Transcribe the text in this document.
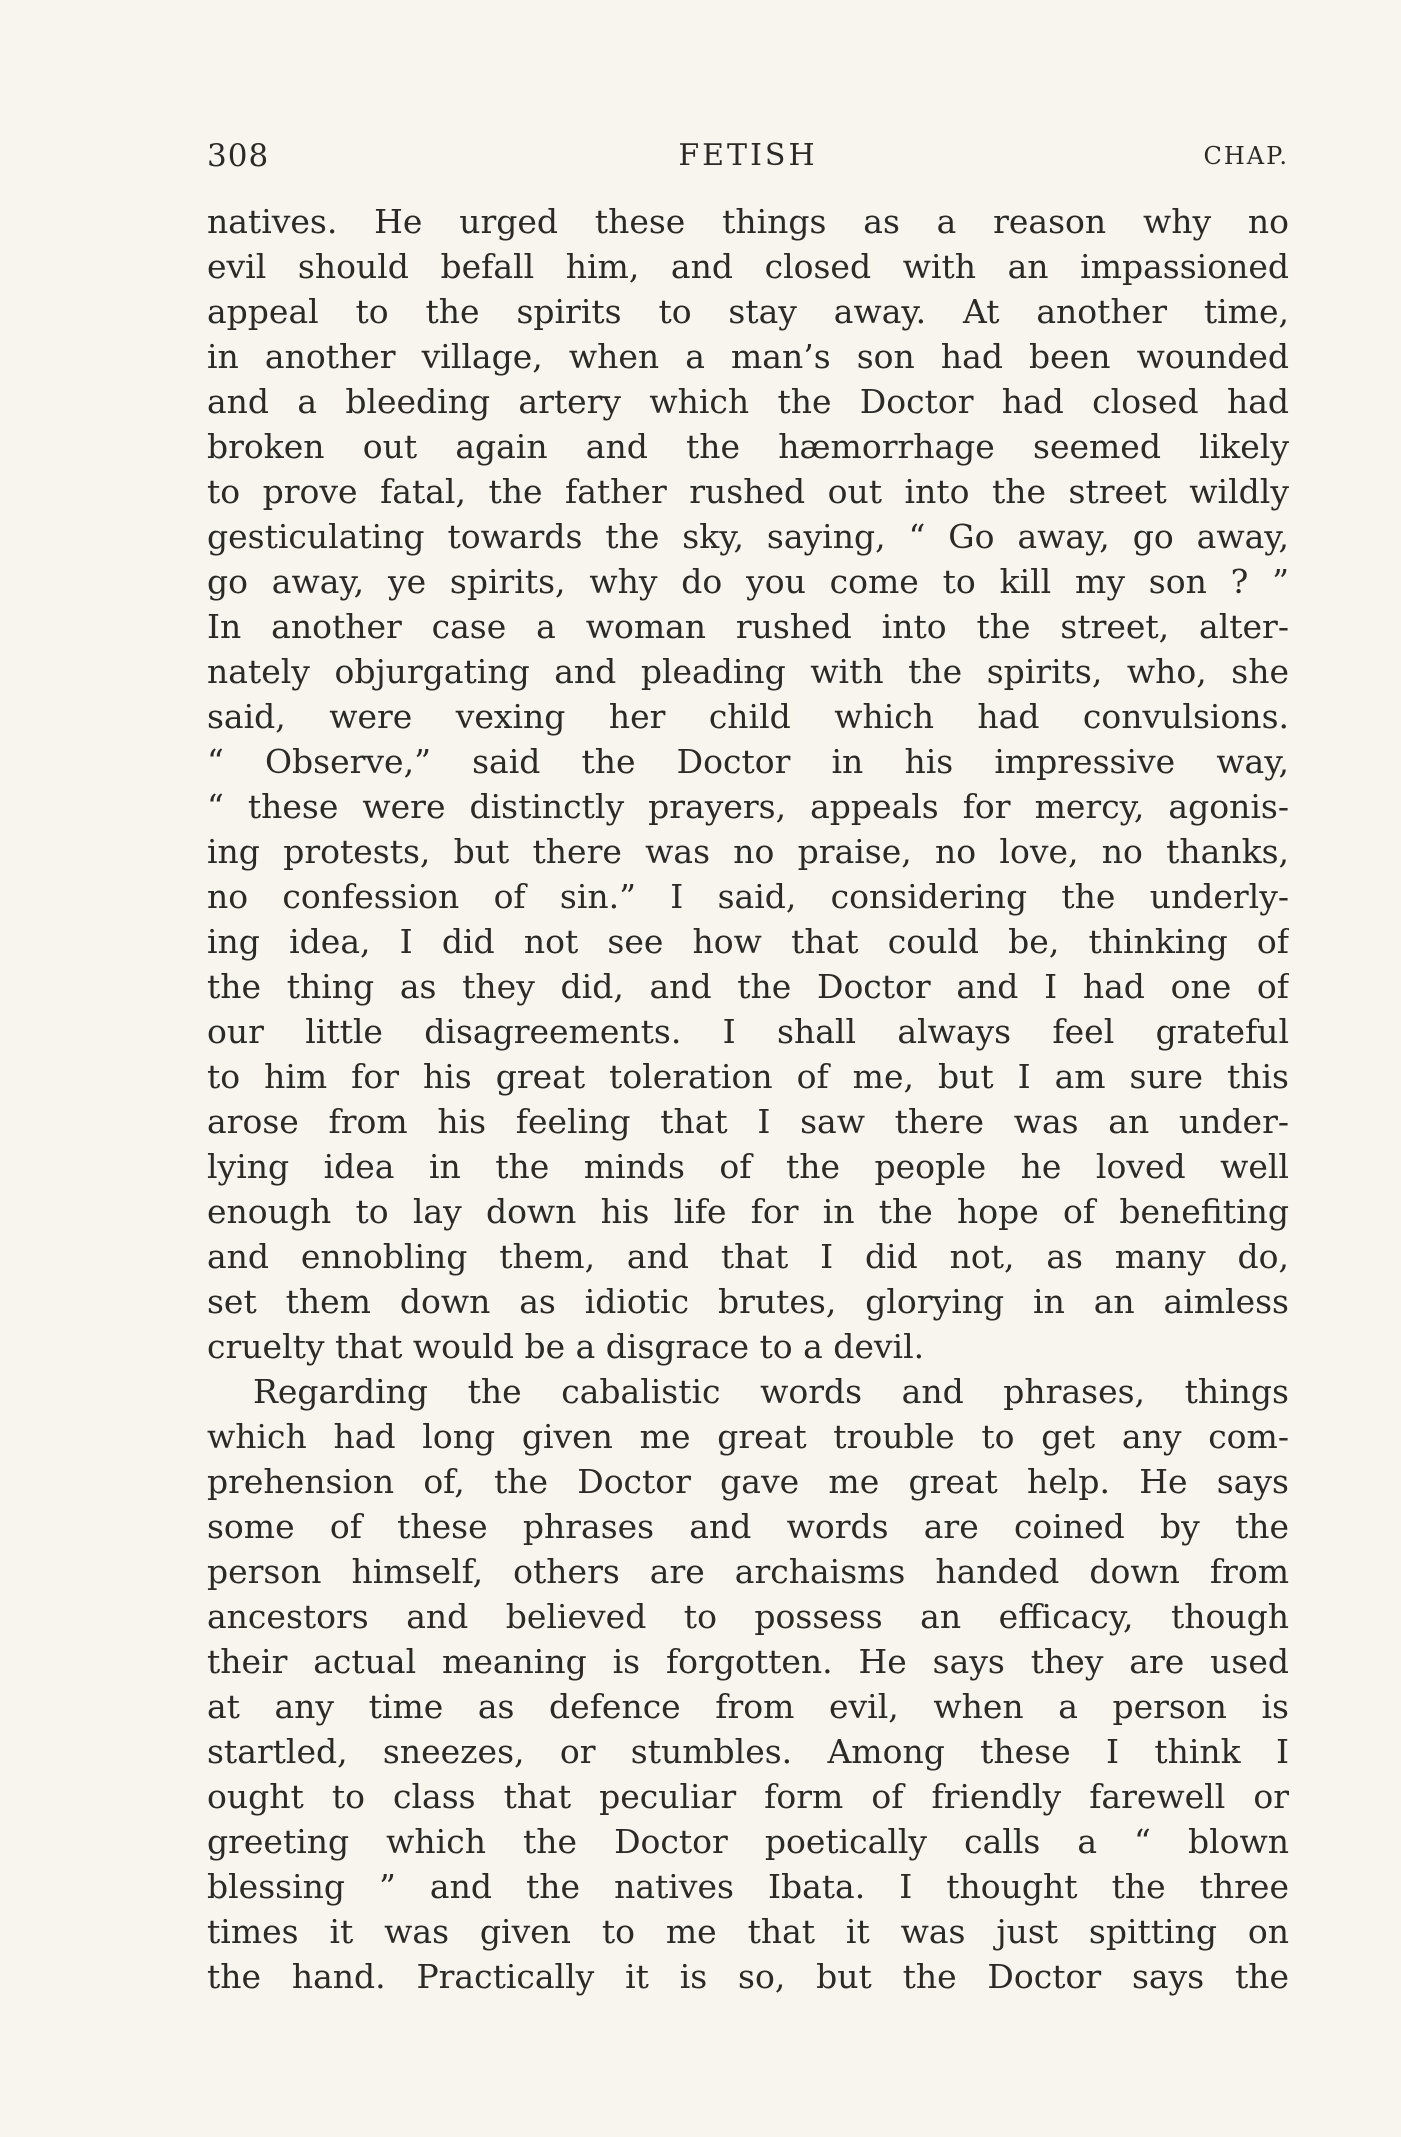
308	FETISH	CHAP.
natives. He urged these things as a reason why no
evil should befall him, and closed with an impassioned
appeal to the spirits to stay away. At another time,
in another village, when a man’s son had been wounded
and a bleeding artery which the Doctor had closed had
broken out again and the hæmorrhage seemed likely
to prove fatal, the father rushed out into the street wildly
gesticulating towards the sky, saying, “ Go away, go away,
go away, ye spirits, why do you come to kill my son ? ”
In another case a woman rushed into the street, alter-
nately objurgating and pleading with the spirits, who, she
said, were vexing her child which had convulsions.
“ Observe,” said the Doctor in his impressive way,
“ these were distinctly prayers, appeals for mercy, agonis-
ing protests, but there was no praise, no love, no thanks,
no confession of sin.” I said, considering the underly-
ing idea, I did not see how that could be, thinking of
the thing as they did, and the Doctor and I had one of
our little disagreements. I shall always feel grateful
to him for his great toleration of me, but I am sure this
arose from his feeling that I saw there was an under-
lying idea in the minds of the people he loved well
enough to lay down his life for in the hope of benefiting
and ennobling them, and that I did not, as many do,
set them down as idiotic brutes, glorying in an aimless
cruelty that would be a disgrace to a devil.
Regarding the cabalistic words and phrases, things
which had long given me great trouble to get any com-
prehension of, the Doctor gave me great help. He says
some of these phrases and words are coined by the
person himself, others are archaisms handed down from
ancestors and believed to possess an efficacy, though
their actual meaning is forgotten. He says they are used
at any time as defence from evil, when a person is
startled, sneezes, or stumbles. Among these I think I
ought to class that peculiar form of friendly farewell or
greeting which the Doctor poetically calls a “ blown
blessing ” and the natives Ibata. I thought the three
times it was given to me that it was just spitting on
the hand. Practically it is so, but the Doctor says the
